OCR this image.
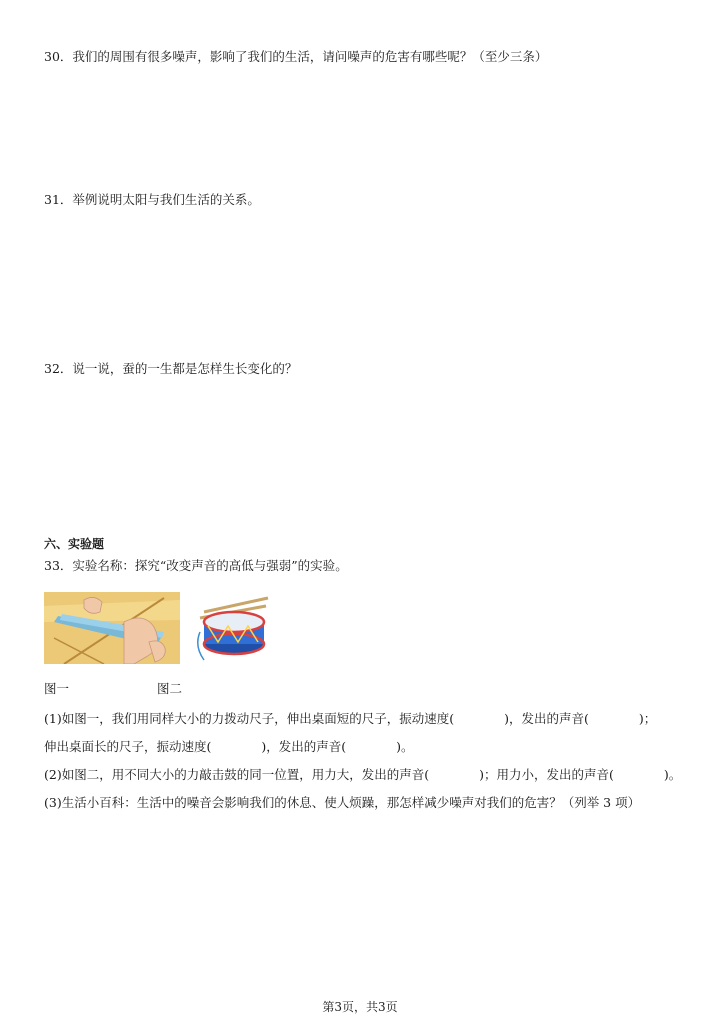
30．我们的周围有很多噪声，影响了我们的生活，请问噪声的危害有哪些呢？（至少三条）
31．举例说明太阳与我们生活的关系。
32．说一说，蚕的一生都是怎样生长变化的？
六、实验题
33．实验名称：探究“改变声音的高低与强弱”的实验。
图一	图二
(1)如图一，我们用同样大小的力拨动尺子，伸出桌面短的尺子，振动速度(　　　　)，发出的声音(　　　　)；
伸出桌面长的尺子，振动速度(　　　　)，发出的声音(　　　　)。
(2)如图二，用不同大小的力敲击鼓的同一位置，用力大，发出的声音(　　　　)；用力小，发出的声音(　　　　)。
(3)生活小百科：生活中的噪音会影响我们的休息、使人烦躁，那怎样减少噪声对我们的危害？（列举 3 项）
第3页，共3页
